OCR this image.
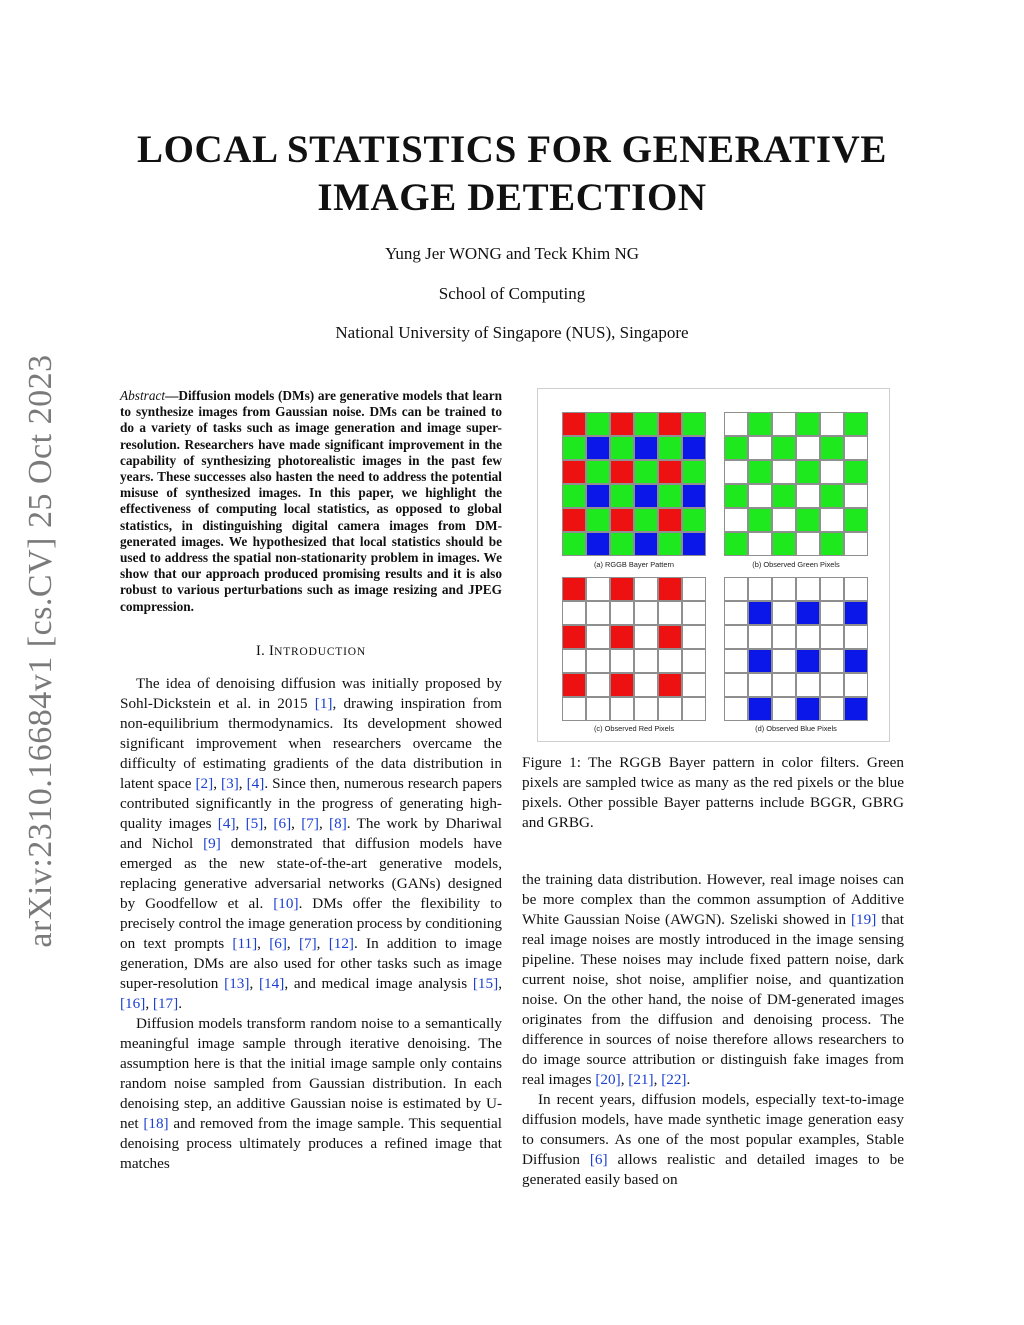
arXiv:2310.16684v1 [cs.CV] 25 Oct 2023
LOCAL STATISTICS FOR GENERATIVE
IMAGE DETECTION
Yung Jer WONG and Teck Khim NG
School of Computing
National University of Singapore (NUS), Singapore

Abstract—Diffusion models (DMs) are generative models that learn to synthesize images from Gaussian noise. DMs can be trained to do a variety of tasks such as image generation and image super-resolution. Researchers have made significant improvement in the capability of synthesizing photorealistic images in the past few years. These successes also hasten the need to address the potential misuse of synthesized images. In this paper, we highlight the effectiveness of computing local statistics, as opposed to global statistics, in distinguishing digital camera images from DM-generated images. We hypothesized that local statistics should be used to address the spatial non-stationarity problem in images. We show that our approach produced promising results and it is also robust to various perturbations such as image resizing and JPEG compression.

I. INTRODUCTION

The idea of denoising diffusion was initially proposed by Sohl-Dickstein et al. in 2015 [1], drawing inspiration from non-equilibrium thermodynamics. Its development showed significant improvement when researchers overcame the difficulty of estimating gradients of the data distribution in latent space [2], [3], [4]. Since then, numerous research papers contributed significantly in the progress of generating high-quality images [4], [5], [6], [7], [8]. The work by Dhariwal and Nichol [9] demonstrated that diffusion models have emerged as the new state-of-the-art generative models, replacing generative adversarial networks (GANs) designed by Goodfellow et al. [10]. DMs offer the flexibility to precisely control the image generation process by conditioning on text prompts [11], [6], [7], [12]. In addition to image generation, DMs are also used for other tasks such as image super-resolution [13], [14], and medical image analysis [15], [16], [17].

Diffusion models transform random noise to a semantically meaningful image sample through iterative denoising. The assumption here is that the initial image sample only contains random noise sampled from Gaussian distribution. In each denoising step, an additive Gaussian noise is estimated by U-net [18] and removed from the image sample. This sequential denoising process ultimately produces a refined image that matches

(a) RGGB Bayer Pattern	(b) Observed Green Pixels
(c) Observed Red Pixels	(d) Observed Blue Pixels
Figure 1: The RGGB Bayer pattern in color filters. Green pixels are sampled twice as many as the red pixels or the blue pixels. Other possible Bayer patterns include BGGR, GBRG and GRBG.

the training data distribution. However, real image noises can be more complex than the common assumption of Additive White Gaussian Noise (AWGN). Szeliski showed in [19] that real image noises are mostly introduced in the image sensing pipeline. These noises may include fixed pattern noise, dark current noise, shot noise, amplifier noise, and quantization noise. On the other hand, the noise of DM-generated images originates from the diffusion and denoising process. The difference in sources of noise therefore allows researchers to do image source attribution or distinguish fake images from real images [20], [21], [22].

In recent years, diffusion models, especially text-to-image diffusion models, have made synthetic image generation easy to consumers. As one of the most popular examples, Stable Diffusion [6] allows realistic and detailed images to be generated easily based on
